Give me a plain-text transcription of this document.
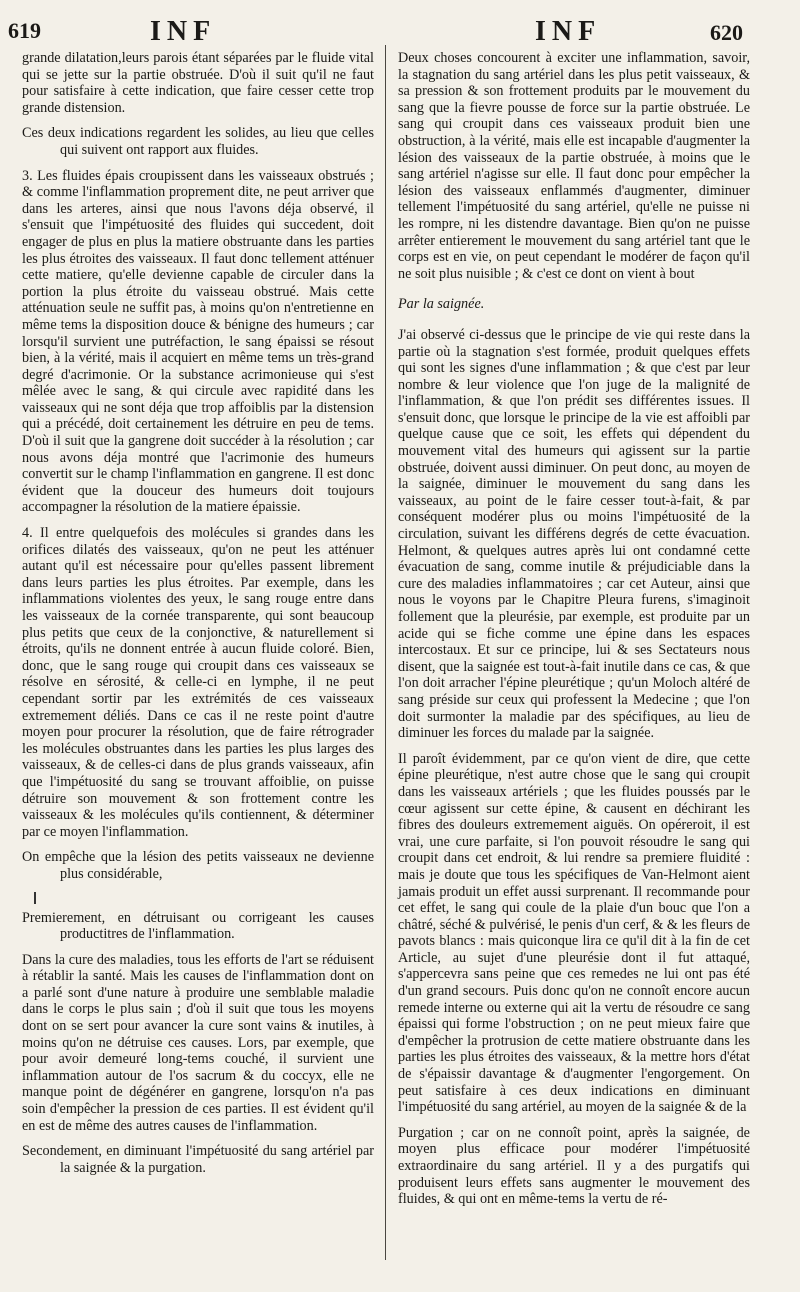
619	INF	INF	620

grande dilatation,leurs parois étant séparées par le fluide vital qui se jette sur la partie obstruée. D'où il suit qu'il ne faut pour satisfaire à cette indication, que faire cesser cette trop grande distension.

Ces deux indications regardent les solides, au lieu que celles qui suivent ont rapport aux fluides.

3. Les fluides épais croupissent dans les vaisseaux obstrués ; & comme l'inflammation proprement dite, ne peut arriver que dans les arteres, ainsi que nous l'avons déja observé, il s'ensuit que l'impétuosité des fluides qui succedent, doit engager de plus en plus la matiere obstruante dans les parties les plus étroites des vaisseaux. Il faut donc tellement atténuer cette matiere, qu'elle devienne capable de circuler dans la portion la plus étroite du vaisseau obstrué. Mais cette atténuation seule ne suffit pas, à moins qu'on n'entretienne en même tems la disposition douce & bénigne des humeurs ; car lorsqu'il survient une putréfaction, le sang épaissi se résout bien, à la vérité, mais il acquiert en même tems un très-grand degré d'acrimonie. Or la substance acrimonieuse qui s'est mêlée avec le sang, & qui circule avec rapidité dans les vaisseaux qui ne sont déja que trop affoiblis par la distension qui a précédé, doit certainement les détruire en peu de tems. D'où il suit que la gangrene doit succéder à la résolution ; car nous avons déja montré que l'acrimonie des humeurs convertit sur le champ l'inflammation en gangrene. Il est donc évident que la douceur des humeurs doit toujours accompagner la résolution de la matiere épaissie.

4. Il entre quelquefois des molécules si grandes dans les orifices dilatés des vaisseaux, qu'on ne peut les atténuer autant qu'il est nécessaire pour qu'elles passent librement dans leurs parties les plus étroites. Par exemple, dans les inflammations violentes des yeux, le sang rouge entre dans les vaisseaux de la cornée transparente, qui sont beaucoup plus petits que ceux de la conjonctive, & naturellement si étroits, qu'ils ne donnent entrée à aucun fluide coloré. Bien, donc, que le sang rouge qui croupit dans ces vaisseaux se résolve en sérosité, & celle-ci en lymphe, il ne peut cependant sortir par les extrémités de ces vaisseaux extremement déliés. Dans ce cas il ne reste point d'autre moyen pour procurer la résolution, que de faire rétrograder les molécules obstruantes dans les parties les plus larges des vaisseaux, & de celles-ci dans de plus grands vaisseaux, afin que l'impétuosité du sang se trouvant affoiblie, on puisse détruire son mouvement & son frottement contre les vaisseaux & les molécules qu'ils contiennent, & déterminer par ce moyen l'inflammation.

On empêche que la lésion des petits vaisseaux ne devienne plus considérable,

Premierement, en détruisant ou corrigeant les causes productitres de l'inflammation.

Dans la cure des maladies, tous les efforts de l'art se réduisent à rétablir la santé. Mais les causes de l'inflammation dont on a parlé sont d'une nature à produire une semblable maladie dans le corps le plus sain ; d'où il suit que tous les moyens dont on se sert pour avancer la cure sont vains & inutiles, à moins qu'on ne détruise ces causes. Lors, par exemple, que pour avoir demeuré long-tems couché, il survient une inflammation autour de l'os sacrum & du coccyx, elle ne manque point de dégénérer en gangrene, lorsqu'on n'a pas soin d'empêcher la pression de ces parties. Il est évident qu'il en est de même des autres causes de l'inflammation.

Secondement, en diminuant l'impétuosité du sang artériel par la saignée & la purgation.

Deux choses concourent à exciter une inflammation, savoir, la stagnation du sang artériel dans les plus petit vaisseaux, & sa pression & son frottement produits par le mouvement du sang que la fievre pousse de force sur la partie obstruée. Le sang qui croupit dans ces vaisseaux produit bien une obstruction, à la vérité, mais elle est incapable d'augmenter la lésion des vaisseaux de la partie obstruée, à moins que le sang artériel n'agisse sur elle. Il faut donc pour empêcher la lésion des vaisseaux enflammés d'augmenter, diminuer tellement l'impétuosité du sang artériel, qu'elle ne puisse ni les rompre, ni les distendre davantage. Bien qu'on ne puisse arrêter entierement le mouvement du sang artériel tant que le corps est en vie, on peut cependant le modérer de façon qu'il ne soit plus nuisible ; & c'est ce dont on vient à bout

Par la saignée.

J'ai observé ci-dessus que le principe de vie qui reste dans la partie où la stagnation s'est formée, produit quelques effets qui sont les signes d'une inflammation ; & que c'est par leur nombre & leur violence que l'on juge de la malignité de l'inflammation, & que l'on prédit ses différentes issues. Il s'ensuit donc, que lorsque le principe de la vie est affoibli par quelque cause que ce soit, les effets qui dépendent du mouvement vital des humeurs qui agissent sur la partie obstruée, doivent aussi diminuer. On peut donc, au moyen de la saignée, diminuer le mouvement du sang dans les vaisseaux, au point de le faire cesser tout-à-fait, & par conséquent modérer plus ou moins l'impétuosité de la circulation, suivant les différens degrés de cette évacuation. Helmont, & quelques autres après lui ont condamné cette évacuation de sang, comme inutile & préjudiciable dans la cure des maladies inflammatoires ; car cet Auteur, ainsi que nous le voyons par le Chapitre Pleura furens, s'imaginoit follement que la pleurésie, par exemple, est produite par un acide qui se fiche comme une épine dans les espaces intercostaux. Et sur ce principe, lui & ses Sectateurs nous disent, que la saignée est tout-à-fait inutile dans ce cas, & que l'on doit arracher l'épine pleurétique ; qu'un Moloch altéré de sang préside sur ceux qui professent la Medecine ; que l'on doit surmonter la maladie par des spécifiques, au lieu de diminuer les forces du malade par la saignée.

Il paroît évidemment, par ce qu'on vient de dire, que cette épine pleurétique, n'est autre chose que le sang qui croupit dans les vaisseaux artériels ; que les fluides poussés par le cœur agissent sur cette épine, & causent en déchirant les fibres des douleurs extremement aiguës. On opéreroit, il est vrai, une cure parfaite, si l'on pouvoit résoudre le sang qui croupit dans cet endroit, & lui rendre sa premiere fluidité : mais je doute que tous les spécifiques de Van-Helmont aient jamais produit un effet aussi surprenant. Il recommande pour cet effet, le sang qui coule de la plaie d'un bouc que l'on a châtré, séché & pulvérisé, le penis d'un cerf, & & les fleurs de pavots blancs : mais quiconque lira ce qu'il dit à la fin de cet Article, au sujet d'une pleurésie dont il fut attaqué, s'appercevra sans peine que ces remedes ne lui ont pas été d'un grand secours. Puis donc qu'on ne connoît encore aucun remede interne ou externe qui ait la vertu de résoudre ce sang épaissi qui forme l'obstruction ; on ne peut mieux faire que d'empêcher la protrusion de cette matiere obstruante dans les parties les plus étroites des vaisseaux, & la mettre hors d'état de s'épaissir davantage & d'augmenter l'engorgement. On peut satisfaire à ces deux indications en diminuant l'impétuosité du sang artériel, au moyen de la saignée & de la

Purgation ; car on ne connoît point, après la saignée, de moyen plus efficace pour modérer l'impétuosité extraordinaire du sang artériel. Il y a des purgatifs qui produisent leurs effets sans augmenter le mouvement des fluides, & qui ont en même-tems la vertu de ré-
